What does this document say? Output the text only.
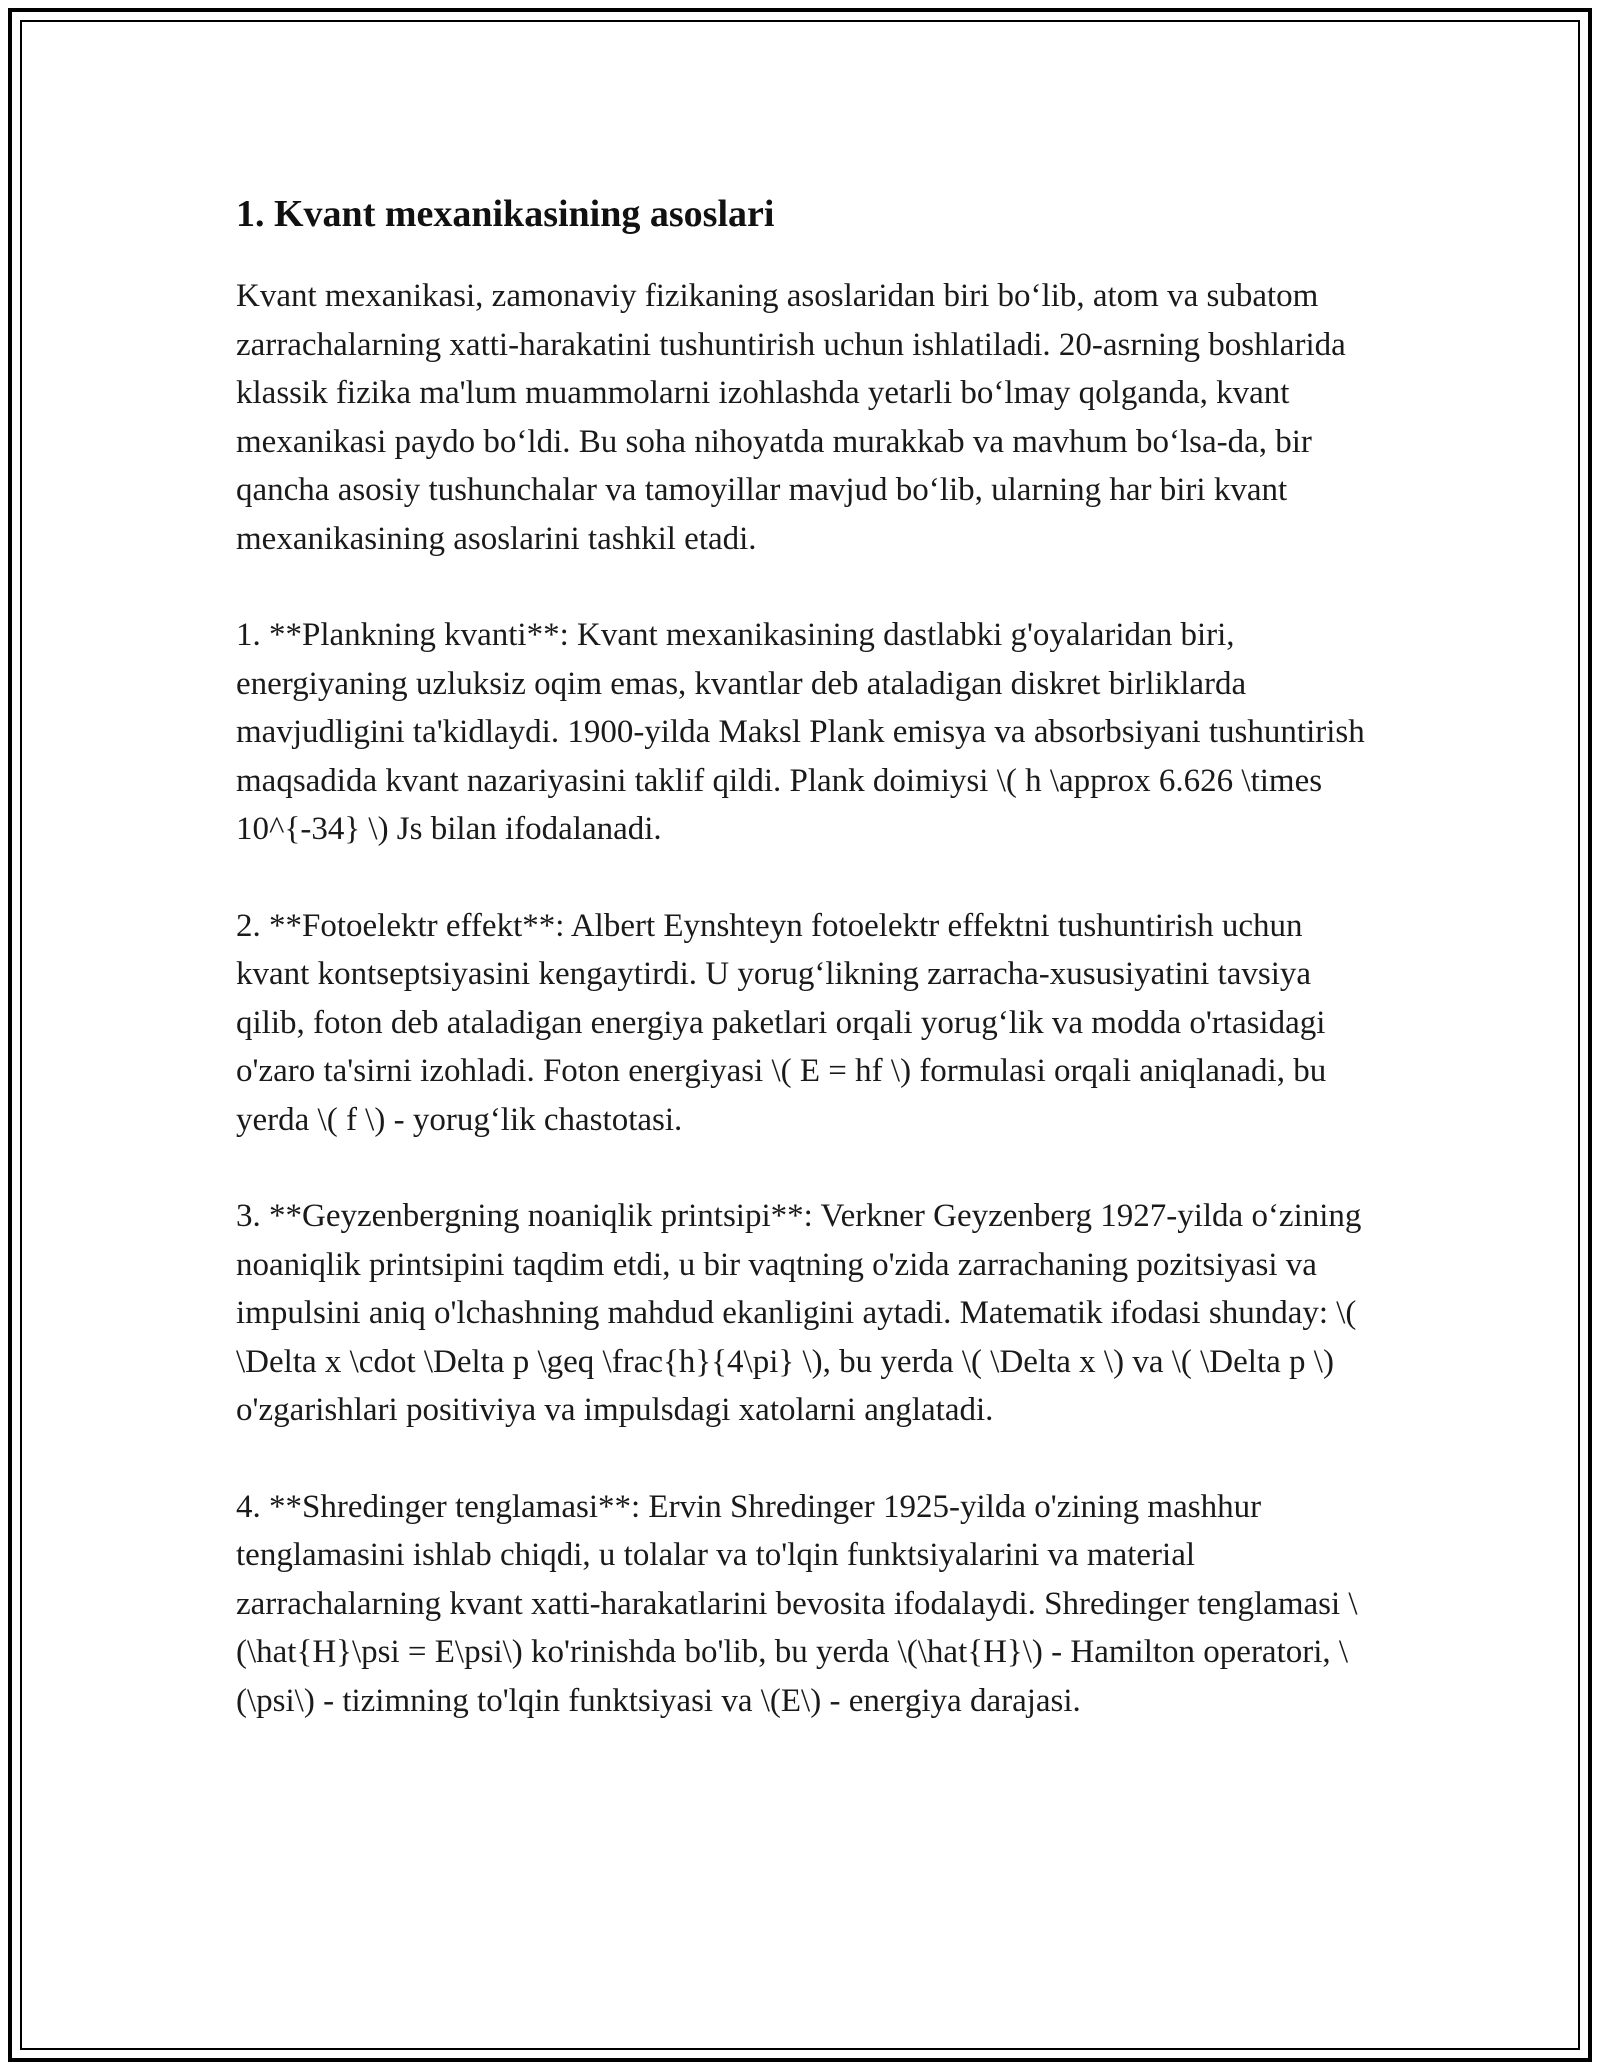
1. Kvant mexanikasining asoslari

Kvant mexanikasi, zamonaviy fizikaning asoslaridan biri bo‘lib, atom va subatom zarrachalarning xatti-harakatini tushuntirish uchun ishlatiladi. 20-asrning boshlarida klassik fizika ma'lum muammolarni izohlashda yetarli bo‘lmay qolganda, kvant mexanikasi paydo bo‘ldi. Bu soha nihoyatda murakkab va mavhum bo‘lsa-da, bir qancha asosiy tushunchalar va tamoyillar mavjud bo‘lib, ularning har biri kvant mexanikasining asoslarini tashkil etadi.

1. **Plankning kvanti**: Kvant mexanikasining dastlabki g'oyalaridan biri, energiyaning uzluksiz oqim emas, kvantlar deb ataladigan diskret birliklarda mavjudligini ta'kidlaydi. 1900-yilda Maksl Plank emisya va absorbsiyani tushuntirish maqsadida kvant nazariyasini taklif qildi. Plank doimiysi \( h \approx 6.626 \times 10^{-34} \) Js bilan ifodalanadi.

2. **Fotoelektr effekt**: Albert Eynshteyn fotoelektr effektni tushuntirish uchun kvant kontseptsiyasini kengaytirdi. U yorug‘likning zarracha-xususiyatini tavsiya qilib, foton deb ataladigan energiya paketlari orqali yorug‘lik va modda o'rtasidagi o'zaro ta'sirni izohladi. Foton energiyasi \( E = hf \) formulasi orqali aniqlanadi, bu yerda \( f \) - yorug‘lik chastotasi.

3. **Geyzenbergning noaniqlik printsipi**: Verkner Geyzenberg 1927-yilda o‘zining noaniqlik printsipini taqdim etdi, u bir vaqtning o'zida zarrachaning pozitsiyasi va impulsini aniq o'lchashning mahdud ekanligini aytadi. Matematik ifodasi shunday: \( \Delta x \cdot \Delta p \geq \frac{h}{4\pi} \), bu yerda \( \Delta x \) va \( \Delta p \) o'zgarishlari positiviya va impulsdagi xatolarni anglatadi.

4. **Shredinger tenglamasi**: Ervin Shredinger 1925-yilda o'zining mashhur tenglamasini ishlab chiqdi, u tolalar va to'lqin funktsiyalarini va material zarrachalarning kvant xatti-harakatlarini bevosita ifodalaydi. Shredinger tenglamasi \(\hat{H}\psi = E\psi\) ko'rinishda bo'lib, bu yerda \(\hat{H}\) - Hamilton operatori, \(\psi\) - tizimning to'lqin funktsiyasi va \(E\) - energiya darajasi.
